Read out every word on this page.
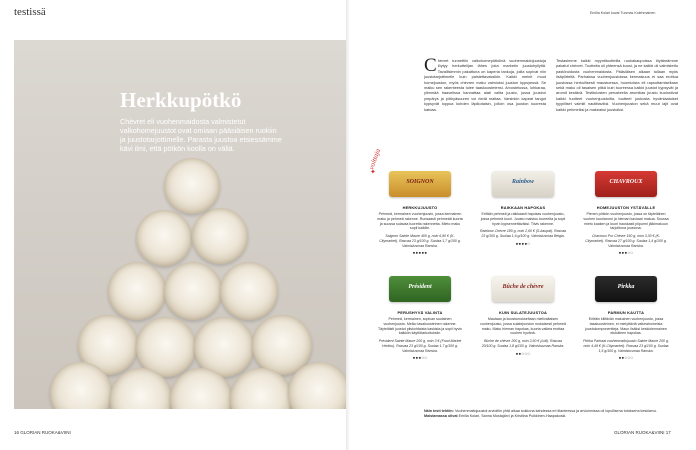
testissä
Herkkupötkö
Chèvret eli vuohenmaidosta valmistetut valkohomejuustot ovat omiaan pääsiäisen ruokiin ja juustotarjottimelle. Parasta juustoa etsiessämme kävi ilmi, että pötkön koolla on väliä.
16 GLORIAN RUOKA&VIINI
Emilia Kolari kuvat Tuomas Kolehmainen
Chèvret tunnettiin valkohomepötköinä vuohenmaidojuustoja löytyy herkuttelijan lähes joka marketin juustohyllyltä. Tavallisimmin pakattuna on kaperia tankoja, joilla sopivat niin juustotarjottimelle kuin paistettavaksikin. Kaikki meinit muut homejuuston, myös chèvren maku vaimiuksi juuston kypsyessä. Se maiku sen rakenteesta tulee taaskoostetensi. Arvostelussa, lohkaraa, ylimmää haavelissa kannattaa alati valita juusto, jossa juuston ympärys ja pötkyäsuuren voi riedä maltaa. Varsinkin kapeat tangot kypsyvät loppua kohden läpikotaisin, jolloin osa juuston kuoresta katoaa.
Testasimme kaikki myyntituotteilla ruokakaupoissa löytämämme pakatut chèvret. Tuotteita oli yhteensä kuusi, ja ne kaikki oli valmistettu pastöroidusta vuohenmaidosta. Pääsiäisen aikaan tullaan myös lisäpiirteitä. Parhaissa vuohenjuustoissa kermaisuus ei saa erottua juustossa herkullisesti maustuessa, huomioista eli rapsuttamiseltaan sekä maku oli tasaisen pitkä kuin tuoreessa kaikki juustot kypsyvät ja aromit kestävä. Testitulosten perusteella aromikas juusto kuulostivat kaikki tuotteet vuohenjuustoilta, tuotteet joukosta hyvänlaatuiset tyypilliset valmiit nautittaviksi. Vuohenjuuston sekä muut lajit ovat kaikki pehmeiksi ja makeaksi juustoiksi.
voittaja
✦
SOIGNON
HERKKUJUUSTO
Pehmeä, kermainen vuohenjuusto, jossa kermainen maku ja pehmeä rakenne. Runsaasti pehmeää kuorta ja suussa sulavaa tuoretta rakennetta. Mieto maku sopii kaikille.
Soignon Sainte Maure 400 g, noin 6,90 € (K-Citymarket). Rasvaa 23 g/100 g. Suolaa 1,7 g/100 g. Valmistusmaa Ranska.
●●●●●
Rainbow
RAIKKAAN HAPOKAS
Erittäin pehmeä ja raikkaasti hapokas vuohenjuusto, jossa pehmeä kuori. Juusto maistuu tuoreelta ja sopii hyvin kypsennettäväksi. Tiivis rakenne.
Rainbow Chèvre 180 g, noin 2,60 € (S-kaupat). Rasvaa 23 g/100 g. Suolaa 1,6 g/100 g. Valmistusmaa Belgia.
●●●●○
CHAVROUX
HOMEJUUSTON YSTÄVÄLLE
Pienen pötkön vuohenjuusto, jossa on täyteläinen vuohen kuoriaromi ja hieman kaviaari makua. Suussa mieto kaaken ja kuori hauskasti piipurmi jälkimakuun tarjoiltuna juustona.
Chavroux Pur Chèvre 150 g, noin 3,30 € (K-Citymarket). Rasvaa 27 g/100 g. Suolaa 1,4 g/100 g. Valmistusmaa Ranska.
●●●○○
Président
PERUSHYVÄ VALINTA
Pehmeä, kermainen, sopivan suolainen vuohenjuusto. Melko tasakoosteinen rakenne. Täyteläisti juustot piiskohtaista kaskista ja sopii hyvin kaikkiin käyttötarkoituksiin.
Président Sainte Maure 200 g, noin 3 € (Food Market Herkku). Rasvaa 23 g/100 g. Suolaa 1,7 g/100 g. Valmistusmaa Ranska.
●●●○○
Bûche de chèvre
KUIN SULATEJUUSTOA
Mautaan ja koostumukseltaan mielivaltaisen vuohenjuusto, jossa sulatejuuston mukaisesti pehmeä maku. Maku hieman hapokas, kuorta vaikea erottaa vuohen hyvänä.
Bûche de chèvre 200 g, noin 2,60 € (Lidl). Rasvaa 20/100 g. Suolaa 1,8 g/100 g. Valmistusmaa Ranska.
●●○○○
Pirkka
PARMUN KAUTTA
Erittäin kiiltävän makuinen vuohenjuusto, jossa tasakoosteinen, ei mielyttäviä valkeahomeisia juustokomponentteja. Maun lisäksi keskiolennainen etukäteen hapokas.
Pirkka Parhaat vuohenmaitojuusto Sainte Maure 200 g, noin 4,49 € (K-Citymarket). Rasvaa 23 g/100 g. Suolaa 1,5 g/100 g. Valmistusmaa Ranska.
●●○○○
Näin testi tehtiin: Vuohenmaitojuustot arvioitiin yhtä aikaa sokkona kahdessa eri tilanteessa ja arvioinnissa oli lopullisena tuloksena keskiarvo.
Maistamassa olivat Emilia Kolari, Sanna Mustajärvi ja Kristiina Pulkkinen-Haapakoski.
GLORIAN RUOKA&VIINI 17
